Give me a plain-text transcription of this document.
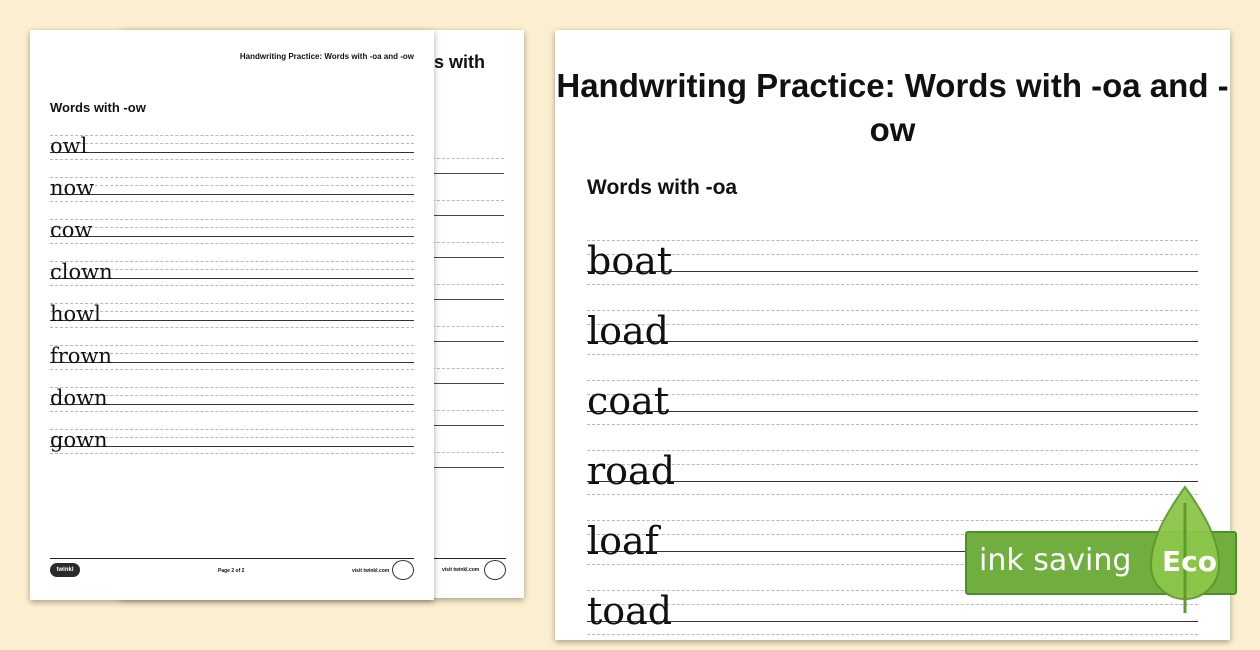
s with
visit twinkl.com
Handwriting Practice: Words with -oa and -ow
Words with -ow
owl
now
cow
clown
howl
frown
down
gown
twinkl	Page 2 of 2	visit twinkl.com
Handwriting Practice: Words with -oa and -ow
Words with -oa
boat
load
coat
road
loaf
toad
ink saving Eco
